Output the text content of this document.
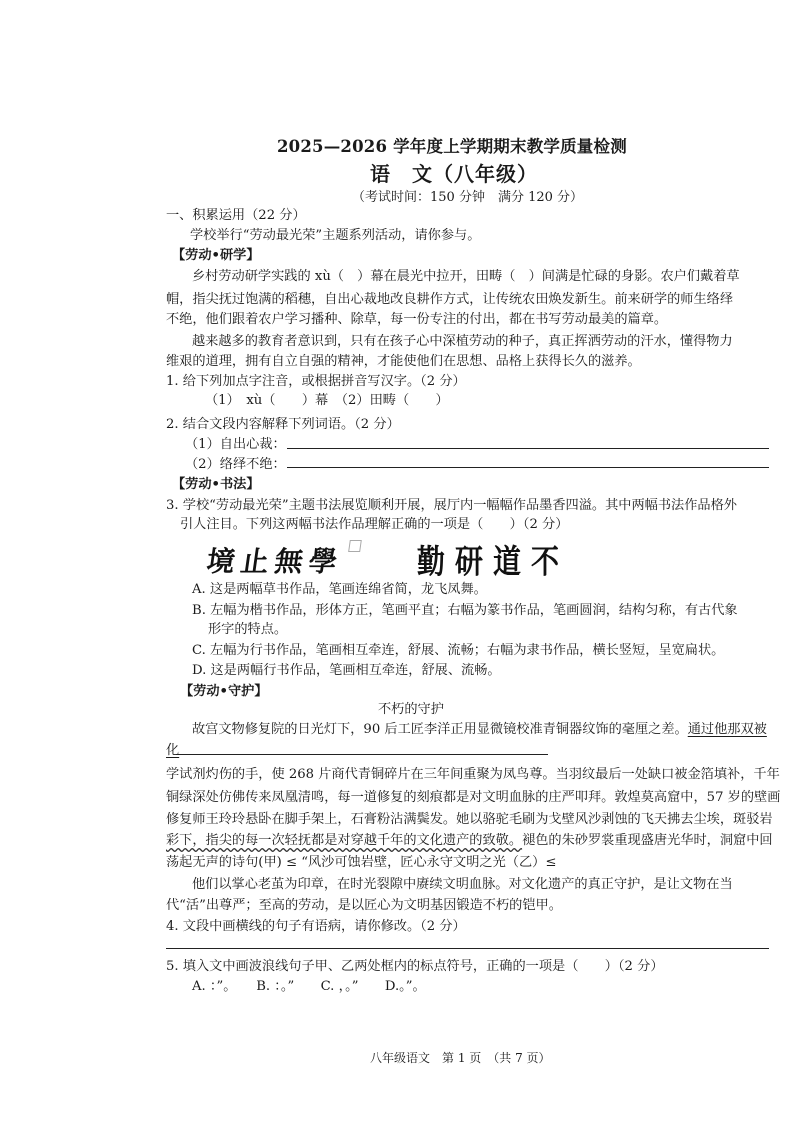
2025—2026 学年度上学期期末教学质量检测
语　文（八年级）
（考试时间：150 分钟　满分 120 分）
一、积累运用（22 分）
学校举行“劳动最光荣”主题系列活动，请你参与。
【劳动•研学】
乡村劳动研学实践的 xù（　）幕在晨光中拉开，田畴（　）间满是忙碌的身影。农户们戴着草
帽，指尖抚过饱满的稻穗，自出心裁地改良耕作方式，让传统农田焕发新生。前来研学的师生络绎
不绝，他们跟着农户学习播种、除草，每一份专注的付出，都在书写劳动最美的篇章。
越来越多的教育者意识到，只有在孩子心中深植劳动的种子，真正挥洒劳动的汗水，懂得物力
维艰的道理，拥有自立自强的精神，才能使他们在思想、品格上获得长久的滋养。
1. 给下列加点字注音，或根据拼音写汉字。（2 分）
（1）　xù（　　）幕　（2）田畴（　　）
2. 结合文段内容解释下列词语。（2 分）
（1）自出心裁：
（2）络绎不绝：
【劳动•书法】
3. 学校“劳动最光荣”主题书法展览顺利开展，展厅内一幅幅作品墨香四溢。其中两幅书法作品格外
引人注目。下列这两幅书法作品理解正确的一项是（　　）（2 分）
境止無學	勤研道不
A. 这是两幅草书作品，笔画连绵省简，龙飞凤舞。
B. 左幅为楷书作品，形体方正，笔画平直；右幅为篆书作品，笔画圆润，结构匀称，有古代象
形字的特点。
C. 左幅为行书作品，笔画相互牵连，舒展、流畅；右幅为隶书作品，横长竖短，呈宽扁状。
D. 这是两幅行书作品，笔画相互牵连，舒展、流畅。
【劳动•守护】
不朽的守护
故宫文物修复院的日光灯下，90 后工匠李洋正用显微镜校准青铜器纹饰的毫厘之差。通过他那双被
化
学试剂灼伤的手，使 268 片商代青铜碎片在三年间重聚为凤鸟尊。当羽纹最后一处缺口被金箔填补，千年
铜绿深处仿佛传来凤凰清鸣，每一道修复的刻痕都是对文明血脉的庄严叩拜。敦煌莫高窟中，57 岁的壁画
修复师王玲玲悬卧在脚手架上，石膏粉沾满鬓发。她以骆驼毛刷为戈壁风沙剥蚀的飞天拂去尘埃，斑驳岩
彩下，指尖的每一次轻抚都是对穿越千年的文化遗产的致敬。褪色的朱砂罗裳重现盛唐光华时，洞窟中回
荡起无声的诗句(甲) ≤ “风沙可蚀岩壁，匠心永守文明之光（乙）≤
他们以掌心老茧为印章，在时光裂隙中赓续文明血脉。对文化遗产的真正守护，是让文物在当
代“活”出尊严；至高的劳动，是以匠心为文明基因锻造不朽的铠甲。
4. 文段中画横线的句子有语病，请你修改。（2 分）
5. 填入文中画波浪线句子甲、乙两处框内的标点符号，正确的一项是（　　）（2 分）
A. ：”。　　B. ：。”　　C. ，。”　　D.。”。
八年级语文　第 1 页　（共 7 页）
